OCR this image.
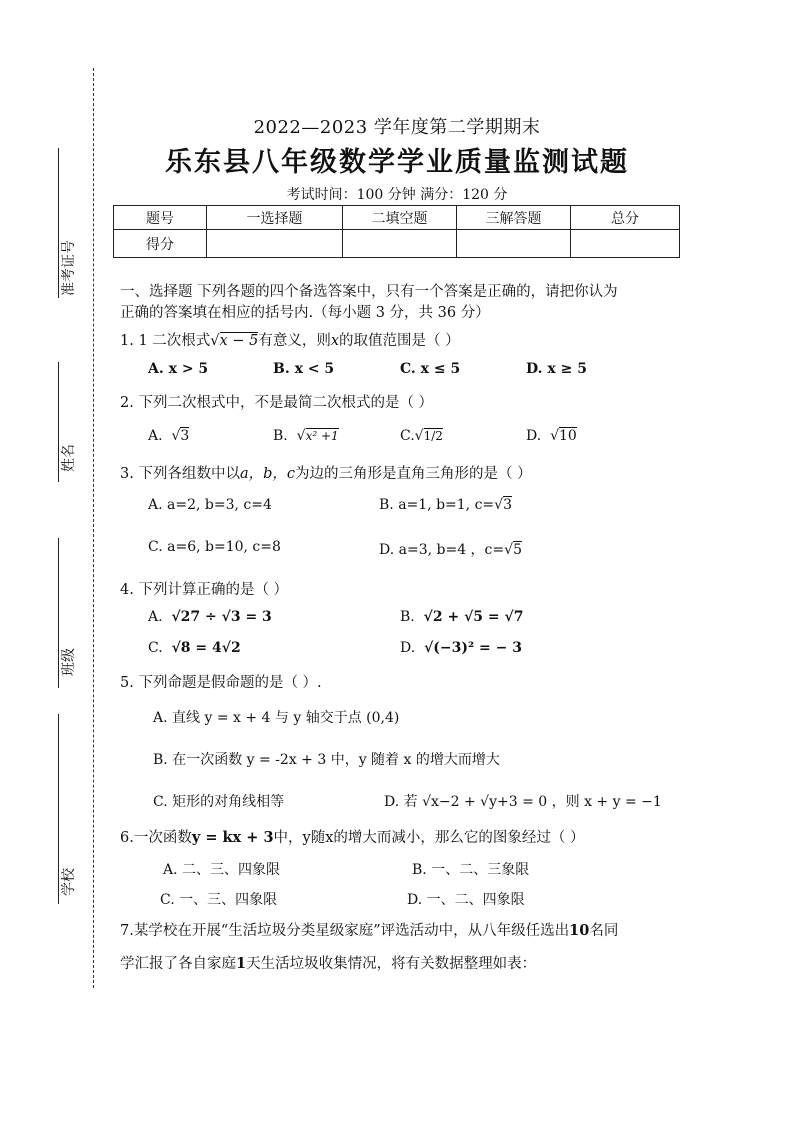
准考证号
姓名
班级
学校
2022—2023 学年度第二学期期末
乐东县八年级数学学业质量监测试题
考试时间：100 分钟 满分：120 分
题号	一选择题	二填空题	三解答题	总分
得分				
一、选择题 下列各题的四个备选答案中，只有一个答案是正确的，请把你认为
正确的答案填在相应的括号内.（每小题 3 分，共 36 分）
1. 1 二次根式√x − 5有意义，则x的取值范围是（ ）
A. x > 5	B. x < 5	C. x ≤ 5	D. x ≥ 5
2. 下列二次根式中，不是最简二次根式的是（ ）
A. √3	B. √x² +1	C.√1/2	D. √10
3. 下列各组数中以a，b，c为边的三角形是直角三角形的是（ ）
A. a=2, b=3, c=4	B. a=1, b=1, c=√3
C. a=6, b=10, c=8	D. a=3, b=4 ，c=√5
4. 下列计算正确的是（ ）
A. √27 ÷ √3 = 3	B. √2 + √5 = √7
C. √8 = 4√2	D. √(−3)² = − 3
5. 下列命题是假命题的是（ ）.
A. 直线 y = x + 4 与 y 轴交于点 (0,4)
B. 在一次函数 y = -2x + 3 中，y 随着 x 的增大而增大
C. 矩形的对角线相等	D. 若 √x−2 + √y+3 = 0 ，则 x + y = −1
6.一次函数y = kx + 3中，y随x的增大而减小，那么它的图象经过（ ）
A. 二、三、四象限	B. 一、二、三象限
C. 一、三、四象限	D. 一、二、四象限
7.某学校在开展“生活垃圾分类星级家庭”评选活动中，从八年级任选出10名同
学汇报了各自家庭1天生活垃圾收集情况，将有关数据整理如表：
